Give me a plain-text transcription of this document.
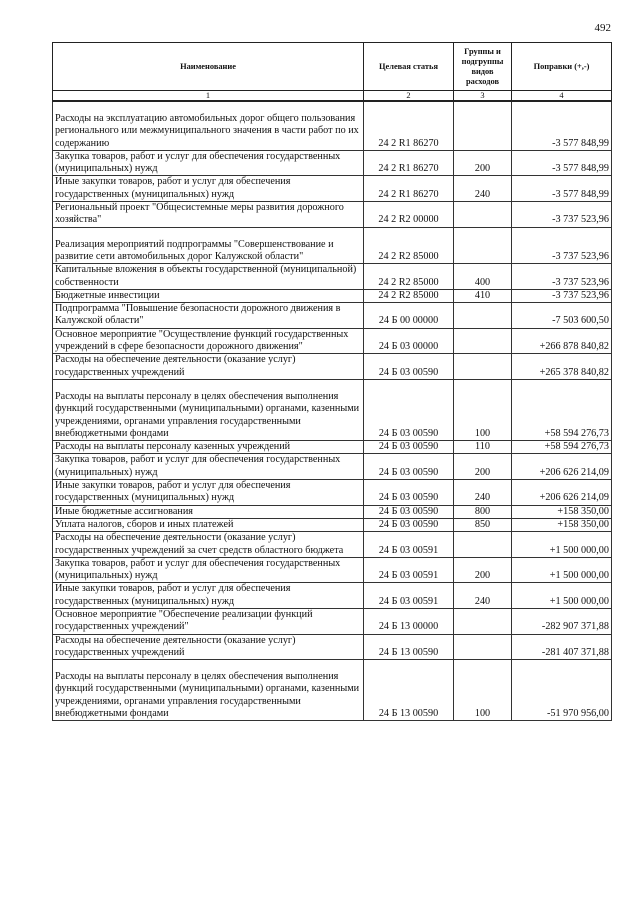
492
Наименование	Целевая статья	Группы и подгруппы видов расходов	Поправки (+,-)
1	2	3	4
Расходы на эксплуатацию автомобильных дорог общего пользования регионального или межмуниципального значения в части работ по их содержанию	24 2 R1 86270		-3 577 848,99
Закупка товаров, работ и услуг для обеспечения государственных (муниципальных) нужд	24 2 R1 86270	200	-3 577 848,99
Иные закупки товаров, работ и услуг для обеспечения государственных (муниципальных) нужд	24 2 R1 86270	240	-3 577 848,99
Региональный проект "Общесистемные меры развития дорожного хозяйства"	24 2 R2 00000		-3 737 523,96
Реализация мероприятий подпрограммы "Совершенствование и развитие сети автомобильных дорог Калужской области"	24 2 R2 85000		-3 737 523,96
Капитальные вложения в объекты государственной (муниципальной) собственности	24 2 R2 85000	400	-3 737 523,96
Бюджетные инвестиции	24 2 R2 85000	410	-3 737 523,96
Подпрограмма "Повышение безопасности дорожного движения в Калужской области"	24 Б 00 00000		-7 503 600,50
Основное мероприятие "Осуществление функций государственных учреждений в сфере безопасности дорожного движения"	24 Б 03 00000		+266 878 840,82
Расходы на обеспечение деятельности (оказание услуг) государственных учреждений	24 Б 03 00590		+265 378 840,82
Расходы на выплаты персоналу в целях обеспечения выполнения функций государственными (муниципальными) органами, казенными учреждениями, органами управления государственными внебюджетными фондами	24 Б 03 00590	100	+58 594 276,73
Расходы на выплаты персоналу казенных учреждений	24 Б 03 00590	110	+58 594 276,73
Закупка товаров, работ и услуг для обеспечения государственных (муниципальных) нужд	24 Б 03 00590	200	+206 626 214,09
Иные закупки товаров, работ и услуг для обеспечения государственных (муниципальных) нужд	24 Б 03 00590	240	+206 626 214,09
Иные бюджетные ассигнования	24 Б 03 00590	800	+158 350,00
Уплата налогов, сборов и иных платежей	24 Б 03 00590	850	+158 350,00
Расходы на обеспечение деятельности (оказание услуг) государственных учреждений за счет средств областного бюджета	24 Б 03 00591		+1 500 000,00
Закупка товаров, работ и услуг для обеспечения государственных (муниципальных) нужд	24 Б 03 00591	200	+1 500 000,00
Иные закупки товаров, работ и услуг для обеспечения государственных (муниципальных) нужд	24 Б 03 00591	240	+1 500 000,00
Основное мероприятие "Обеспечение реализации функций государственных учреждений"	24 Б 13 00000		-282 907 371,88
Расходы на обеспечение деятельности (оказание услуг) государственных учреждений	24 Б 13 00590		-281 407 371,88
Расходы на выплаты персоналу в целях обеспечения выполнения функций государственными (муниципальными) органами, казенными учреждениями, органами управления государственными внебюджетными фондами	24 Б 13 00590	100	-51 970 956,00
